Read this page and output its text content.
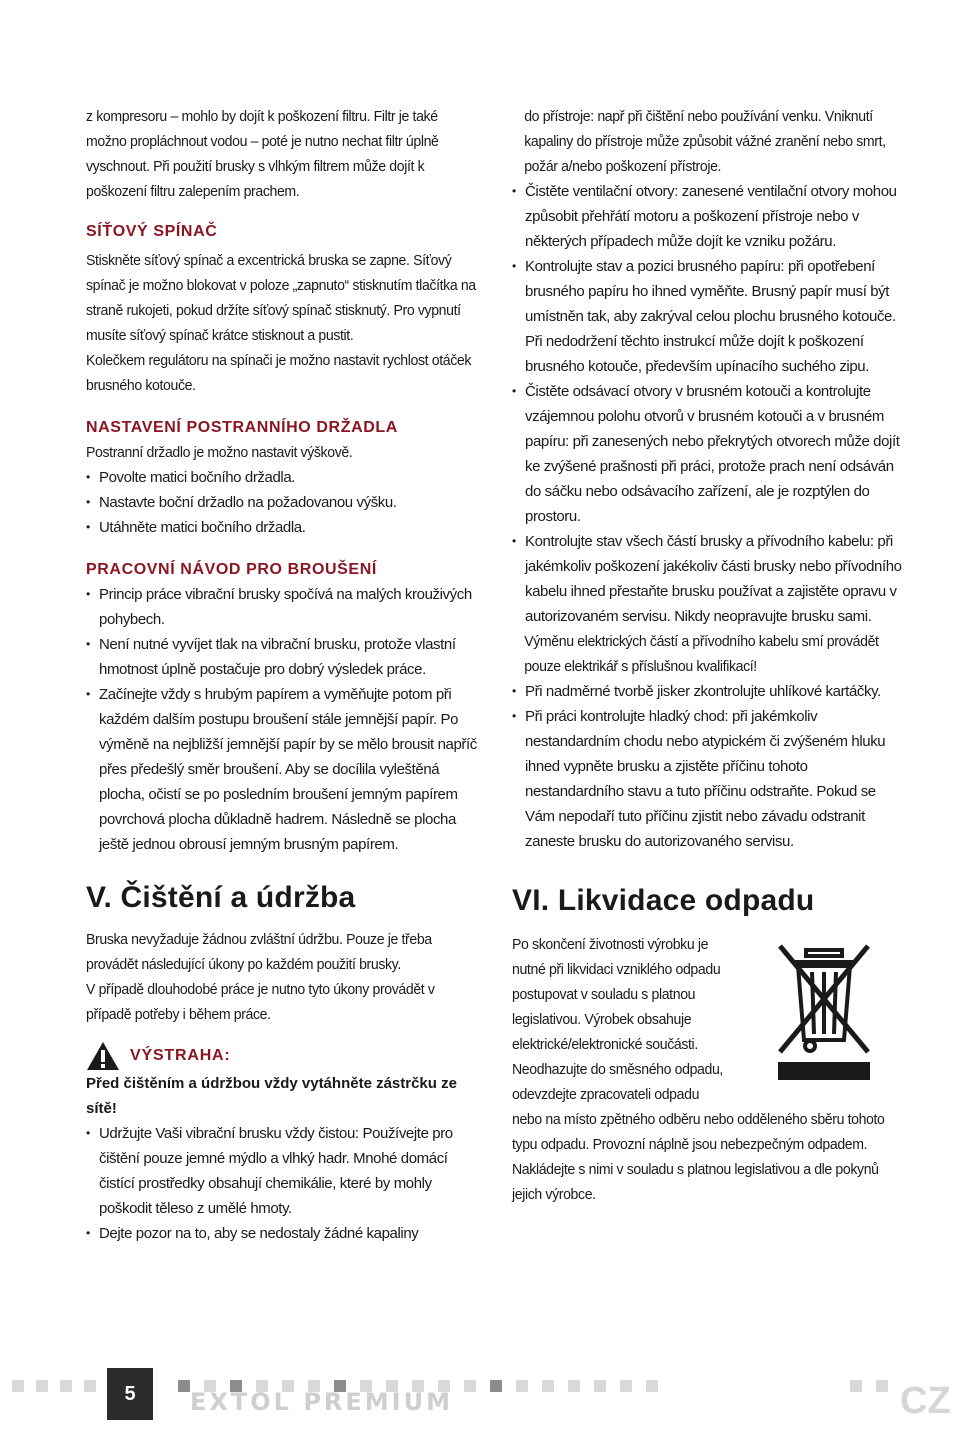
z kompresoru – mohlo by dojít k poškození filtru. Filtr je také možno propláchnout vodou – poté je nutno nechat filtr úplně vyschnout. Při použití brusky s vlhkým filtrem může dojít k poškození filtru zalepením prachem.

SÍŤOVÝ SPÍNAČ

Stiskněte síťový spínač a excentrická bruska se zapne. Síťový spínač je možno blokovat v poloze „zapnuto“ stisknutím tlačítka na straně rukojeti, pokud držíte síťový spínač stisknutý. Pro vypnutí musíte síťový spínač krátce stisknout a pustit.

Kolečkem regulátoru na spínači je možno nastavit rychlost otáček brusného kotouče.

NASTAVENÍ POSTRANNÍHO DRŽADLA

Postranní držadlo je možno nastavit výškově.

• Povolte matici bočního držadla.
• Nastavte boční držadlo na požadovanou výšku.
• Utáhněte matici bočního držadla.
PRACOVNÍ NÁVOD PRO BROUŠENÍ
• Princip práce vibrační brusky spočívá na malých krouživých pohybech.
• Není nutné vyvíjet tlak na vibrační brusku, protože vlastní hmotnost úplně postačuje pro dobrý výsledek práce.
• Začínejte vždy s hrubým papírem a vyměňujte potom při každém dalším postupu broušení stále jemnější papír. Po výměně na nejbližší jemnější papír by se mělo brousit napříč přes předešlý směr broušení. Aby se docílila vyleštěná plocha, očistí se po posledním broušení jemným papírem povrchová plocha důkladně hadrem. Následně se plocha ještě jednou obrousí jemným brusným papírem.
V. Čištění a údržba

Bruska nevyžaduje žádnou zvláštní údržbu. Pouze je třeba provádět následující úkony po každém použití brusky.

V případě dlouhodobé práce je nutno tyto úkony provádět v případě potřeby i během práce.

VÝSTRAHA:

Před čištěním a údržbou vždy vytáhněte zástrčku ze sítě!

• Udržujte Vaši vibrační brusku vždy čistou: Používejte pro čištění pouze jemné mýdlo a vlhký hadr. Mnohé domácí čistící prostředky obsahují chemikálie, které by mohly poškodit těleso z umělé hmoty.
• Dejte pozor na to, aby se nedostaly žádné kapaliny

do přístroje: např při čištění nebo používání venku. Vniknutí kapaliny do přístroje může způsobit vážné zranění nebo smrt, požár a/nebo poškození přístroje.

• Čistěte ventilační otvory: zanesené ventilační otvory mohou způsobit přehřátí motoru a poškození přístroje nebo v některých případech může dojít ke vzniku požáru.
• Kontrolujte stav a pozici brusného papíru: při opotřebení brusného papíru ho ihned vyměňte. Brusný papír musí být umístněn tak, aby zakrýval celou plochu brusného kotouče. Při nedodržení těchto instrukcí může dojít k poškození brusného kotouče, především upínacího suchého zipu.
• Čistěte odsávací otvory v brusném kotouči a kontrolujte vzájemnou polohu otvorů v brusném kotouči a v brusném papíru: při zanesených nebo překrytých otvorech může dojít ke zvýšené prašnosti při práci, protože prach není odsáván do sáčku nebo odsávacího zařízení, ale je rozptýlen do prostoru.
• Kontrolujte stav všech částí brusky a přívodního kabelu: při jakémkoliv poškození jakékoliv části brusky nebo přívodního kabelu ihned přestaňte brusku používat a zajistěte opravu v autorizovaném servisu. Nikdy neopravujte brusku sami.

Výměnu elektrických částí a přívodního kabelu smí provádět pouze elektrikář s příslušnou kvalifikací!

• Při nadměrné tvorbě jisker zkontrolujte uhlíkové kartáčky.
• Při práci kontrolujte hladký chod: při jakémkoliv nestandardním chodu nebo atypickém či zvýšeném hluku ihned vypněte brusku a zjistěte příčinu tohoto nestandardního stavu a tuto příčinu odstraňte. Pokud se Vám nepodaří tuto příčinu zjistit nebo závadu odstranit zaneste brusku do autorizovaného servisu.
VI. Likvidace odpadu

Po skončení životnosti výrobku je nutné při likvidaci vzniklého odpadu postupovat v souladu s platnou legislativou. Výrobek obsahuje elektrické/elektronické součásti. Neodhazujte do směsného odpadu, odevzdejte zpracovateli odpadu

nebo na místo zpětného odběru nebo odděleného sběru tohoto typu odpadu. Provozní náplně jsou nebezpečným odpadem. Nakládejte s nimi v souladu s platnou legislativou a dle pokynů jejich výrobce.

5	EXTOL PREMIUM	CZ
